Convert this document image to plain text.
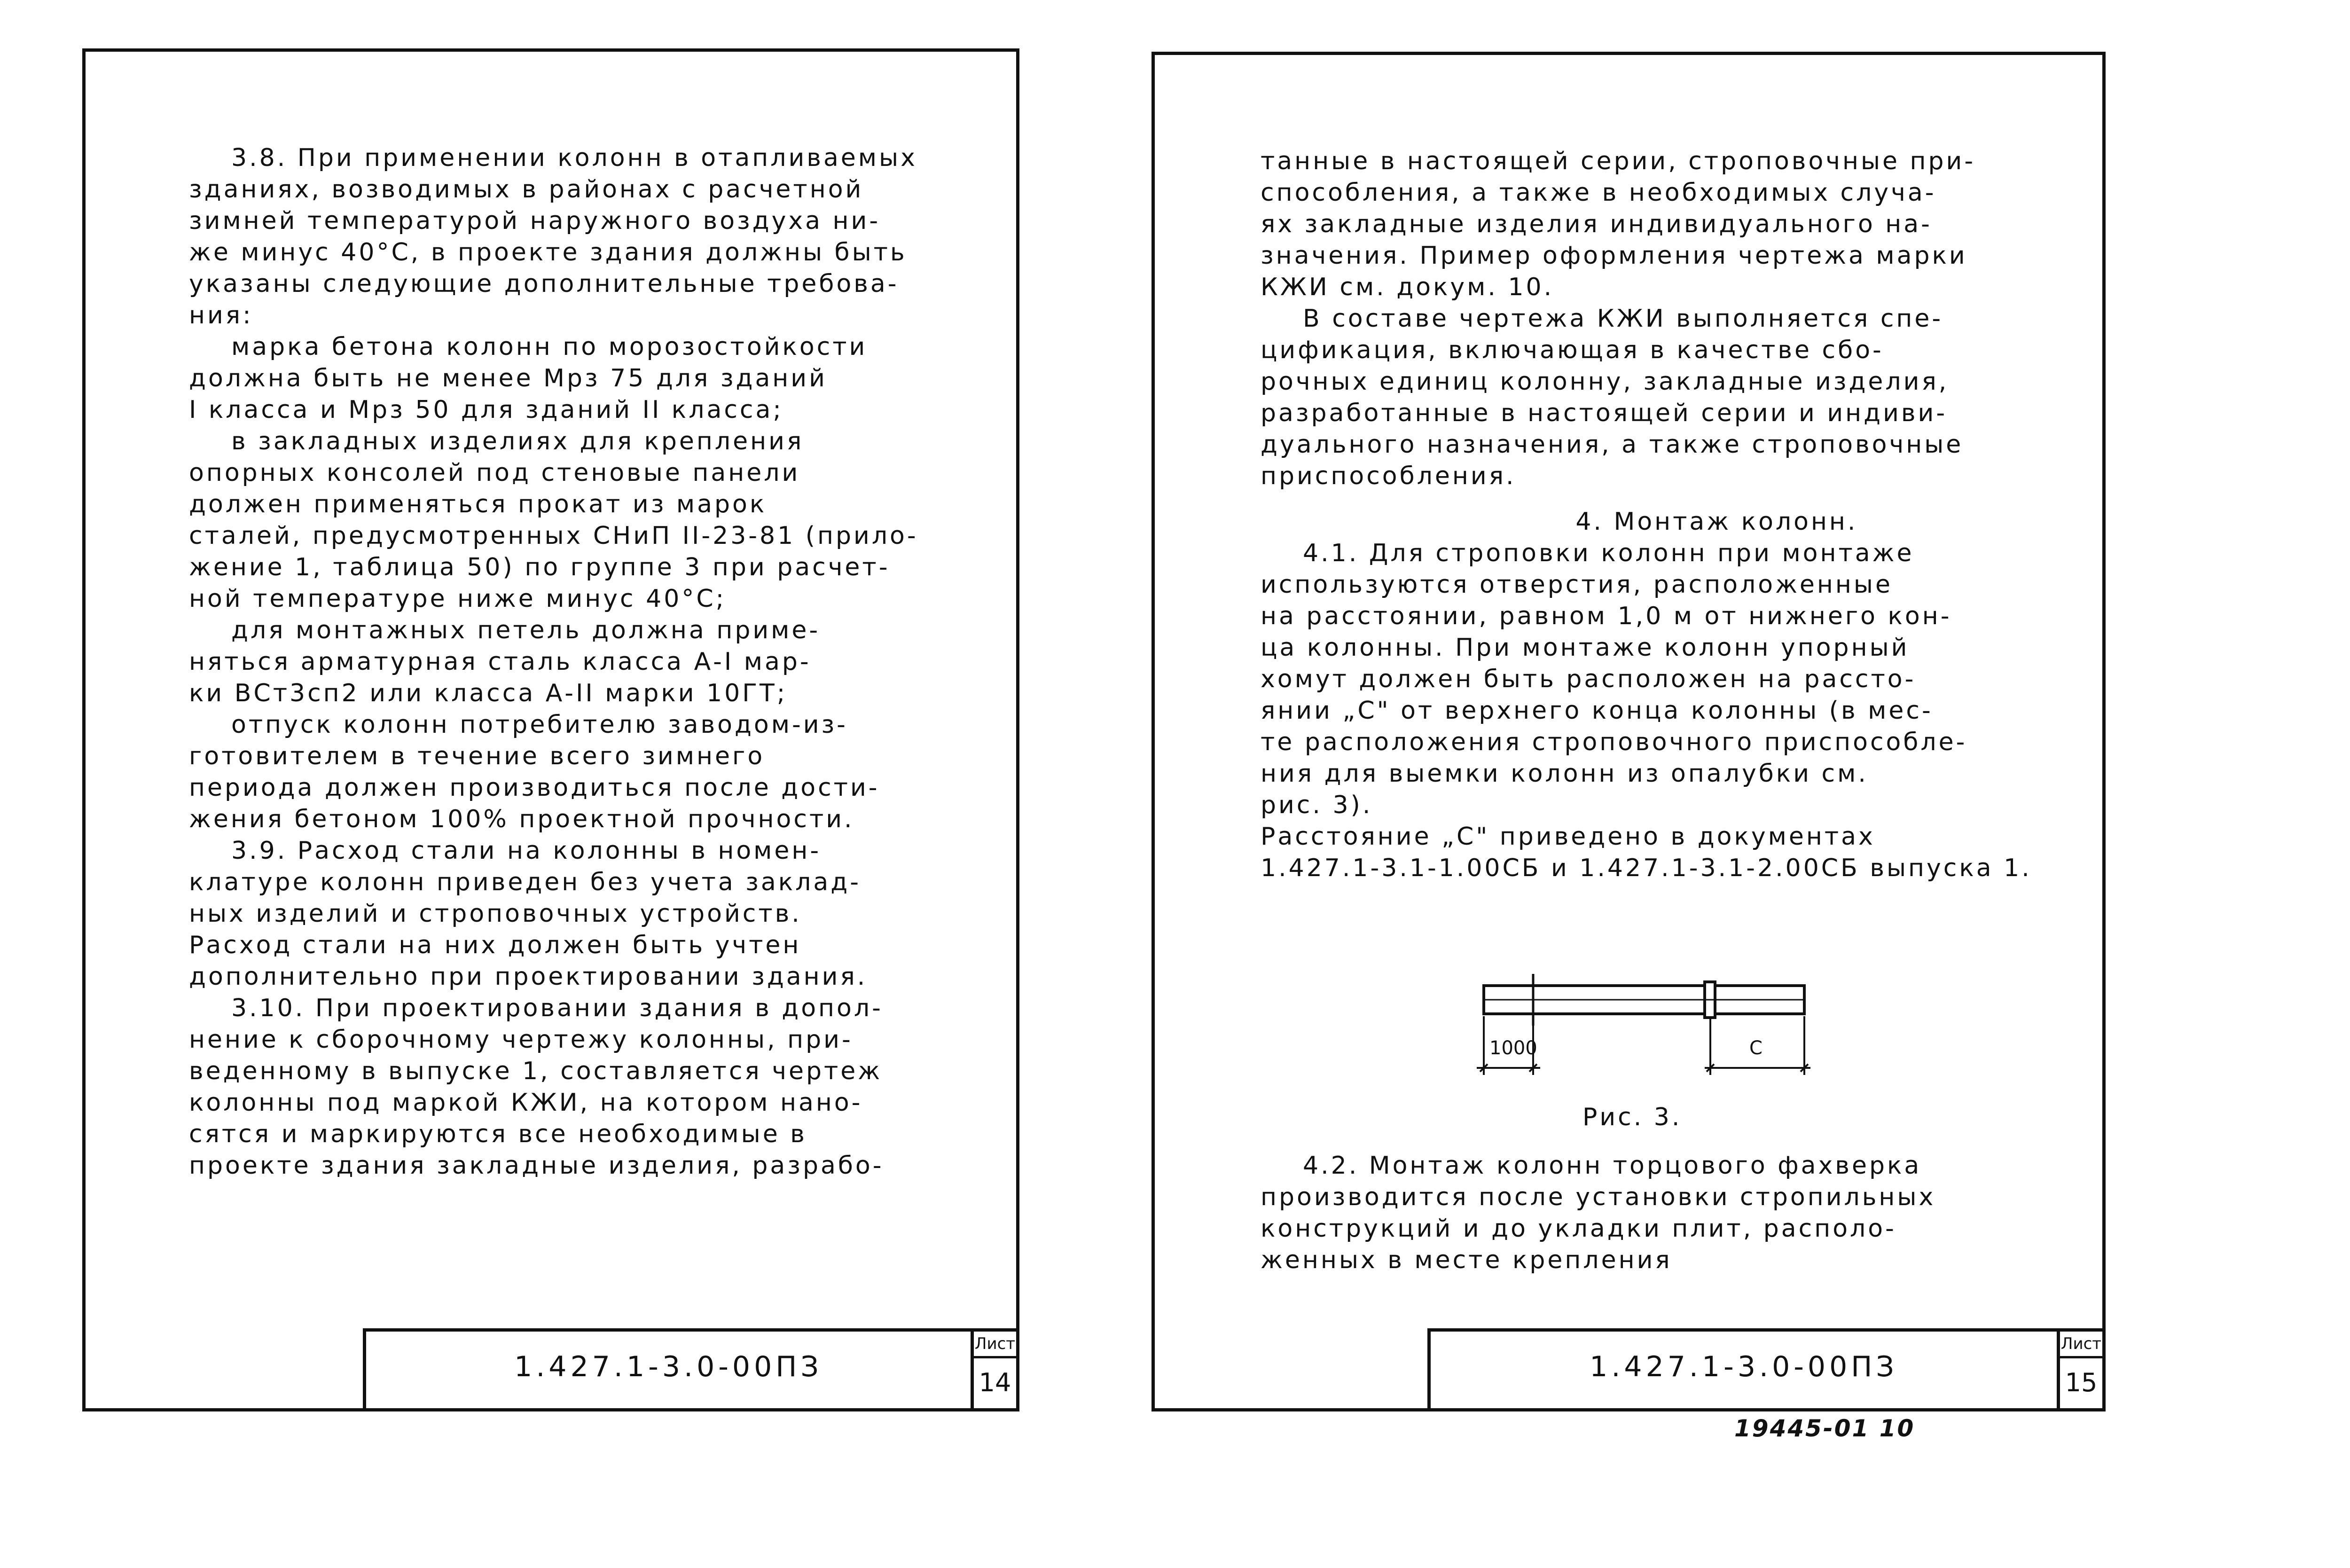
3.8. При применении колонн в отапливаемых
зданиях, возводимых в районах с расчетной
зимней температурой наружного воздуха ни-
же минус 40°С, в проекте здания должны быть
указаны следующие дополнительные требова-
ния:
марка бетона колонн по морозостойкости
должна быть не менее Мрз 75 для зданий
I класса и Мрз 50 для зданий II класса;
в закладных изделиях для крепления
опорных консолей под стеновые панели
должен применяться прокат из марок
сталей, предусмотренных СНиП II-23-81 (прило-
жение 1, таблица 50) по группе 3 при расчет-
ной температуре ниже минус 40°С;
для монтажных петель должна приме-
няться арматурная сталь класса А-I мар-
ки ВСт3сп2 или класса А-II марки 10ГТ;
отпуск колонн потребителю заводом-из-
готовителем в течение всего зимнего
периода должен производиться после дости-
жения бетоном 100% проектной прочности.
3.9. Расход стали на колонны в номен-
клатуре колонн приведен без учета заклад-
ных изделий и строповочных устройств.
Расход стали на них должен быть учтен
дополнительно при проектировании здания.
3.10. При проектировании здания в допол-
нение к сборочному чертежу колонны, при-
веденному в выпуске 1, составляется чертеж
колонны под маркой КЖИ, на котором нано-
сятся и маркируются все необходимые в
проекте здания закладные изделия, разрабо-
1.427.1-3.0-00ПЗ
Лист
14
танные в настоящей серии, строповочные при-
способления, а также в необходимых случа-
ях закладные изделия индивидуального на-
значения. Пример оформления чертежа марки
КЖИ см. докум. 10.
В составе чертежа КЖИ выполняется спе-
цификация, включающая в качестве сбо-
рочных единиц колонну, закладные изделия,
разработанные в настоящей серии и индиви-
дуального назначения, а также строповочные
приспособления.
4. Монтаж колонн.
4.1. Для строповки колонн при монтаже
используются отверстия, расположенные
на расстоянии, равном 1,0 м от нижнего кон-
ца колонны. При монтаже колонн упорный
хомут должен быть расположен на рассто-
янии „С" от верхнего конца колонны (в мес-
те расположения строповочного приспособле-
ния для выемки колонн из опалубки см.
рис. 3).
Расстояние „С" приведено в документах
1.427.1-3.1-1.00СБ и 1.427.1-3.1-2.00СБ выпуска 1.
1000	С
Рис. 3.
4.2. Монтаж колонн торцового фахверка
производится после установки стропильных
конструкций и до укладки плит, располо-
женных в месте крепления
1.427.1-3.0-00ПЗ
Лист
15
19445-01 10
